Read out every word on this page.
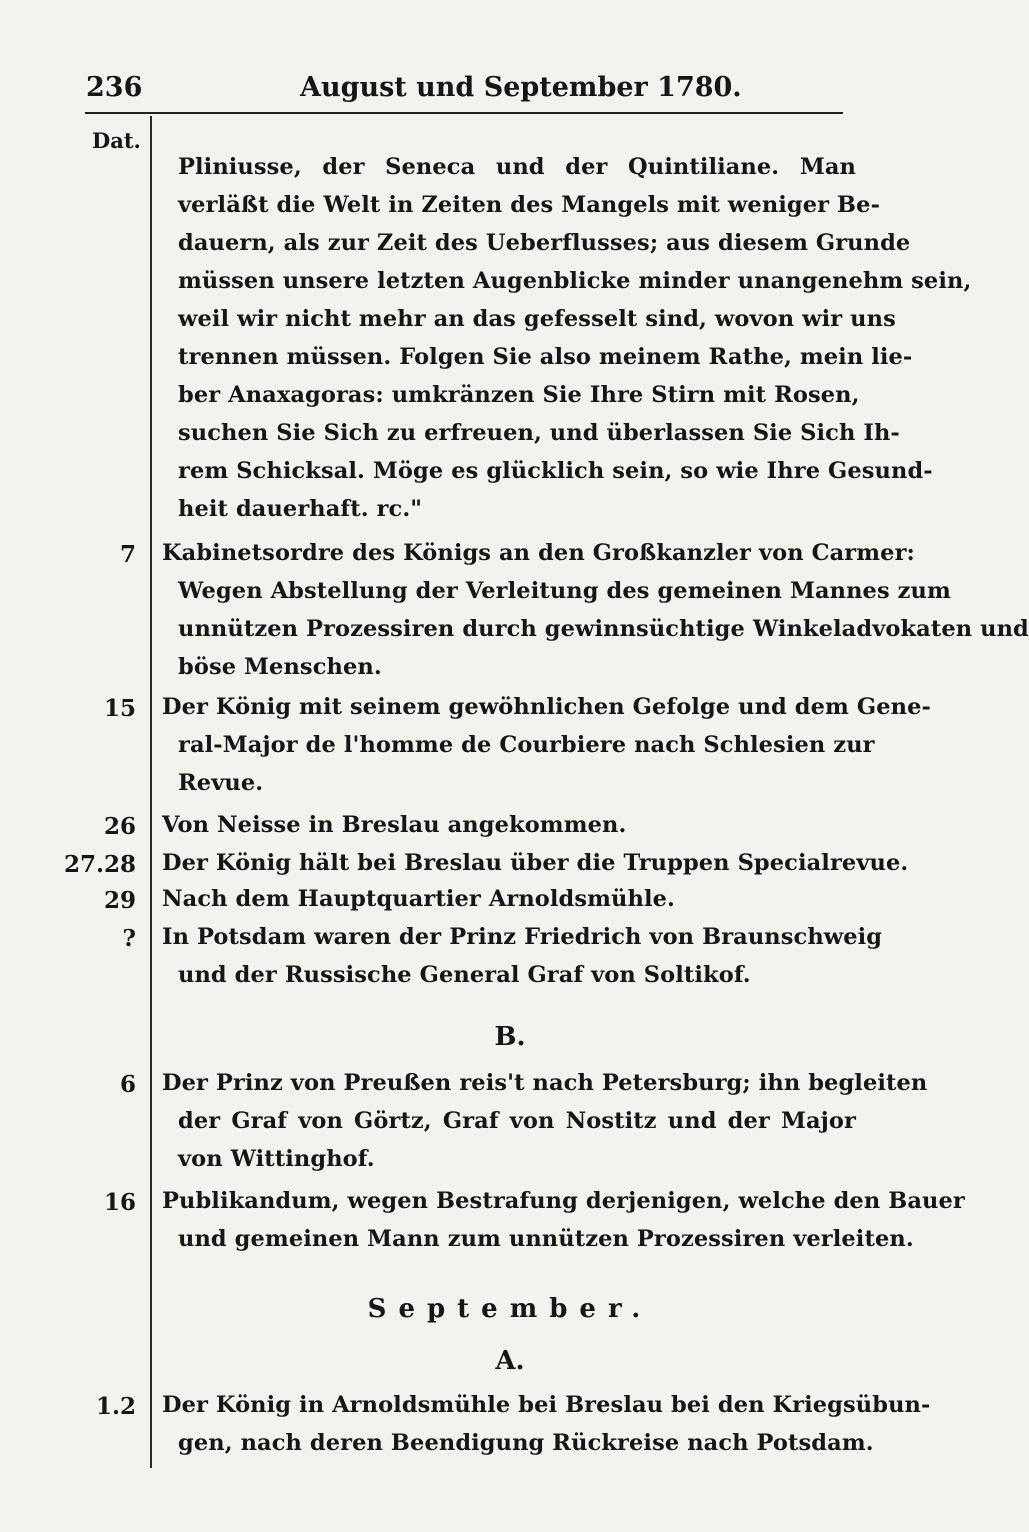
236	August und September 1780.
Dat.
Pliniusse, der Seneca und der Quintiliane. Man
verläßt die Welt in Zeiten des Mangels mit weniger Be-
dauern, als zur Zeit des Ueberflusses; aus diesem Grunde
müssen unsere letzten Augenblicke minder unangenehm sein,
weil wir nicht mehr an das gefesselt sind, wovon wir uns
trennen müssen. Folgen Sie also meinem Rathe, mein lie-
ber Anaxagoras: umkränzen Sie Ihre Stirn mit Rosen,
suchen Sie Sich zu erfreuen, und überlassen Sie Sich Ih-
rem Schicksal. Möge es glücklich sein, so wie Ihre Gesund-
heit dauerhaft. rc."
7 Kabinetsordre des Königs an den Großkanzler von Carmer:
Wegen Abstellung der Verleitung des gemeinen Mannes zum
unnützen Prozessiren durch gewinnsüchtige Winkeladvokaten und
böse Menschen.
15 Der König mit seinem gewöhnlichen Gefolge und dem Gene-
ral-Major de l'homme de Courbiere nach Schlesien zur
Revue.
26 Von Neisse in Breslau angekommen.
27.28 Der König hält bei Breslau über die Truppen Specialrevue.
29 Nach dem Hauptquartier Arnoldsmühle.
? In Potsdam waren der Prinz Friedrich von Braunschweig
und der Russische General Graf von Soltikof.
B.
6 Der Prinz von Preußen reis't nach Petersburg; ihn begleiten
der Graf von Görtz, Graf von Nostitz und der Major
von Wittinghof.
16 Publikandum, wegen Bestrafung derjenigen, welche den Bauer
und gemeinen Mann zum unnützen Prozessiren verleiten.
September.
A.
1.2 Der König in Arnoldsmühle bei Breslau bei den Kriegsübun-
gen, nach deren Beendigung Rückreise nach Potsdam.
